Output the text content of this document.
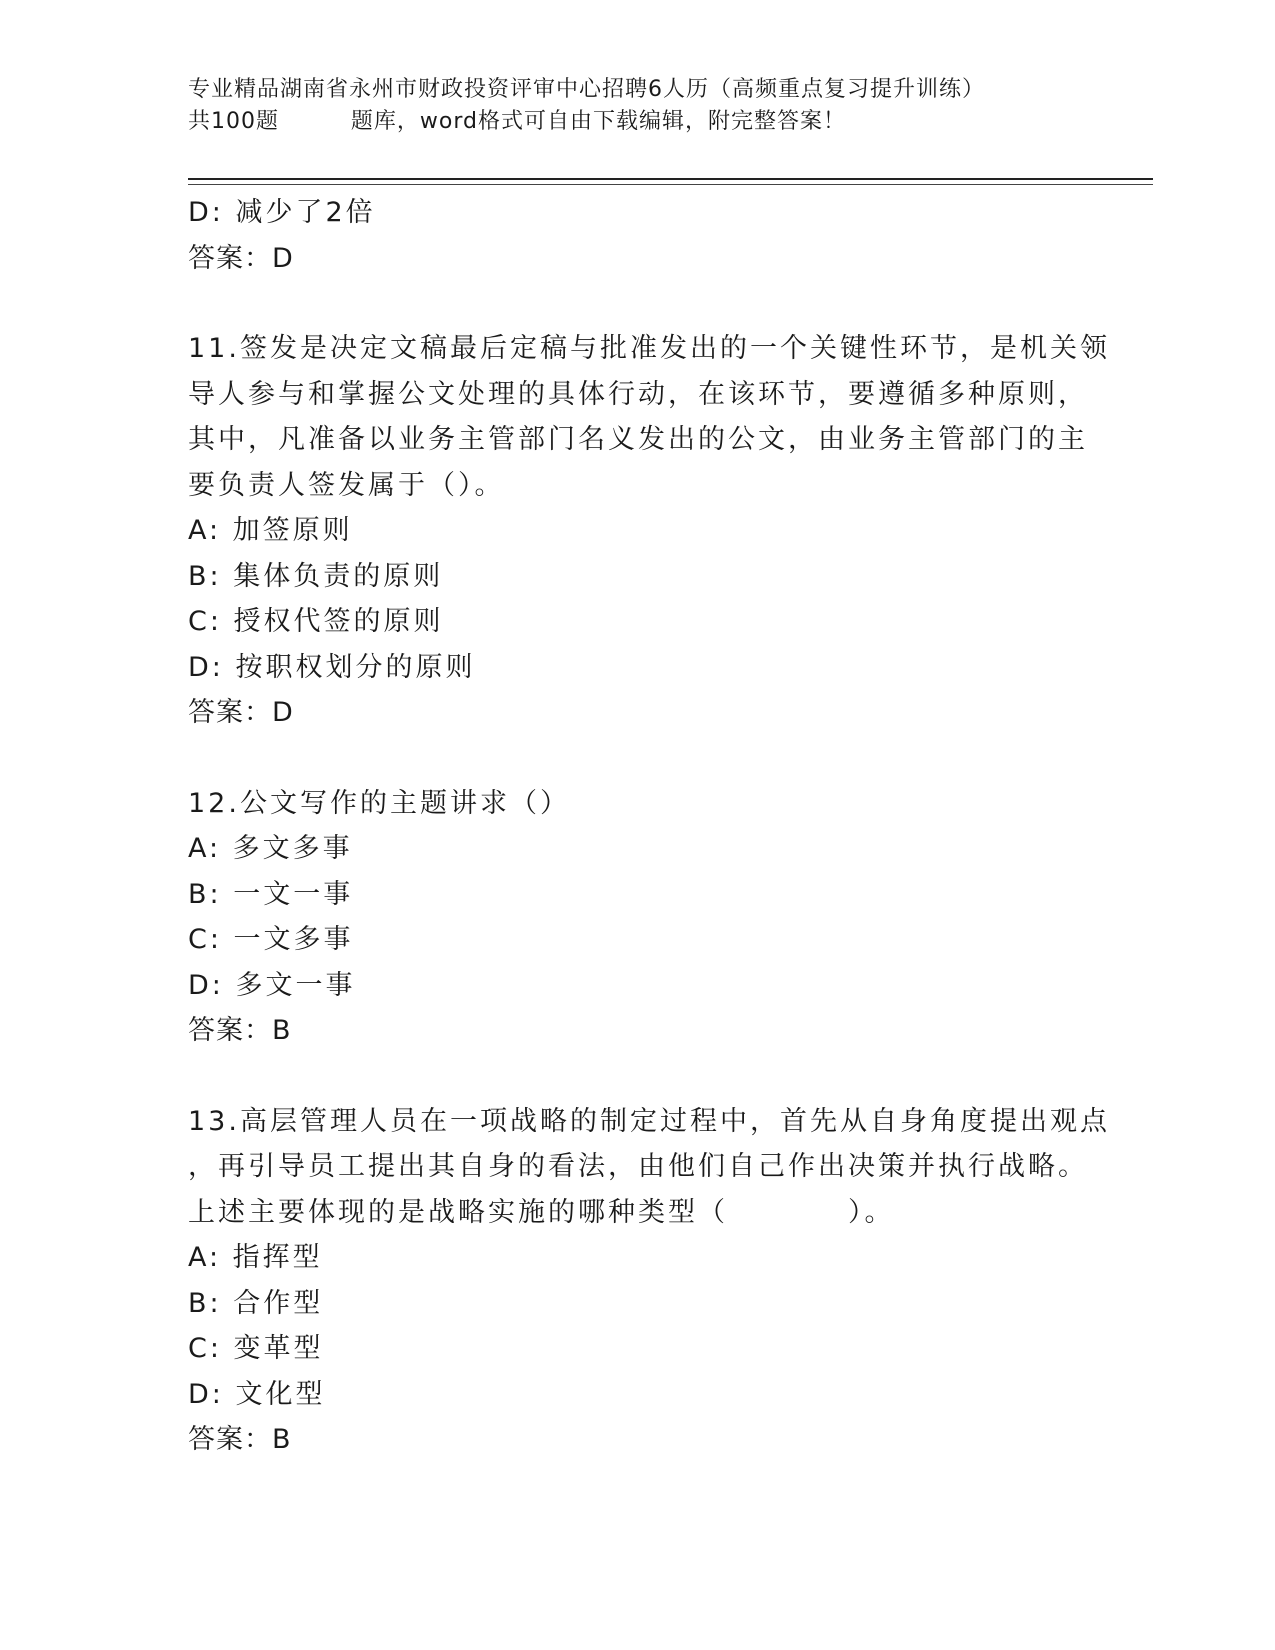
专业精品湖南省永州市财政投资评审中心招聘6人历（高频重点复习提升训练）
共100题         题库，word格式可自由下载编辑，附完整答案！
D: 减少了2倍
答案：D
11.签发是决定文稿最后定稿与批准发出的一个关键性环节，是机关领
导人参与和掌握公文处理的具体行动，在该环节，要遵循多种原则，
其中，凡准备以业务主管部门名义发出的公文，由业务主管部门的主
要负责人签发属于（）。
A: 加签原则
B: 集体负责的原则
C: 授权代签的原则
D: 按职权划分的原则
答案：D
12.公文写作的主题讲求（）
A: 多文多事
B: 一文一事
C: 一文多事
D: 多文一事
答案：B
13.高层管理人员在一项战略的制定过程中，首先从自身角度提出观点
，再引导员工提出其自身的看法，由他们自己作出决策并执行战略。
上述主要体现的是战略实施的哪种类型（　　　　）。
A: 指挥型
B: 合作型
C: 变革型
D: 文化型
答案：B
